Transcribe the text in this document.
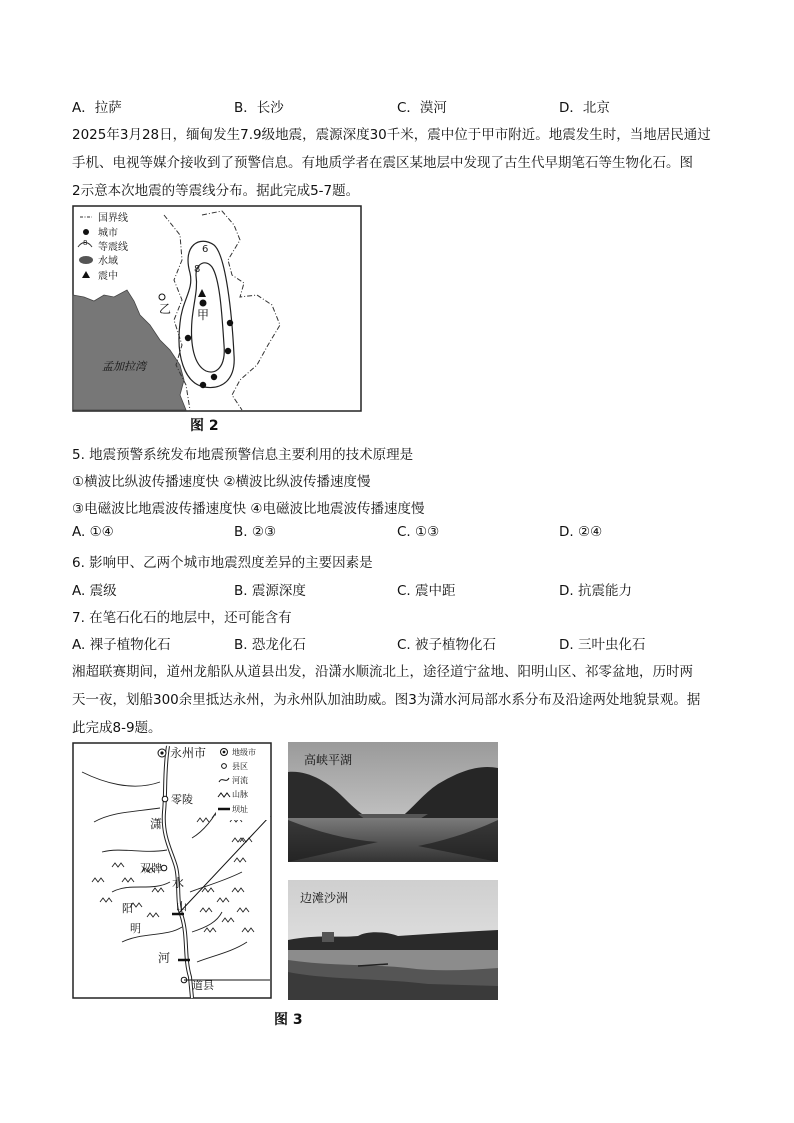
A．拉萨	B．长沙	C．漠河	D．北京
2025年3月28日，缅甸发生7.9级地震，震源深度30千米，震中位于甲市附近。地震发生时，当地居民通过
手机、电视等媒介接收到了预警信息。有地质学者在震区某地层中发现了古生代早期笔石等生物化石。图
2示意本次地震的等震线分布。据此完成5-7题。
6
8
甲
乙
孟加拉湾
国界线
城市
8 等震线
水域
震中
图 2
5. 地震预警系统发布地震预警信息主要利用的技术原理是
①横波比纵波传播速度快 ②横波比纵波传播速度慢
③电磁波比地震波传播速度快 ④电磁波比地震波传播速度慢
A. ①④	B. ②③	C. ①③	D. ②④
6. 影响甲、乙两个城市地震烈度差异的主要因素是
A. 震级	B. 震源深度	C. 震中距	D. 抗震能力
7. 在笔石化石的地层中，还可能含有
A. 裸子植物化石	B. 恐龙化石	C. 被子植物化石	D. 三叶虫化石
湘超联赛期间，道州龙船队从道县出发，沿潇水顺流北上，途径道宁盆地、阳明山区、祁零盆地，历时两
天一夜，划船300余里抵达永州，为永州队加油助威。图3为潇水河局部水系分布及沿途两处地貌景观。据
此完成8-9题。
永州市
零陵
双牌
道县
潇
水
河
阳
明
山
地级市
县区
河流
山脉
坝址
高峡平湖
边滩沙洲
图 3
